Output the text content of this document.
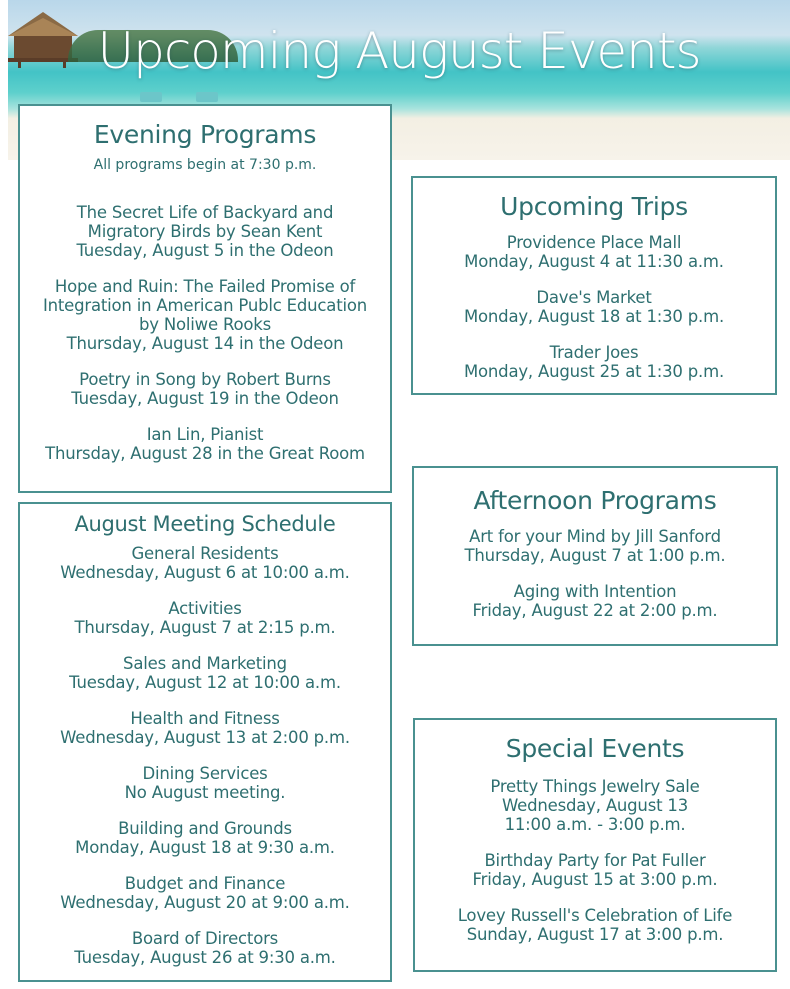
Upcoming August Events
Evening Programs
All programs begin at 7:30 p.m.
The Secret Life of Backyard and
Migratory Birds by Sean Kent
Tuesday, August 5 in the Odeon
Hope and Ruin: The Failed Promise of
Integration in American Publc Education
by Noliwe Rooks
Thursday, August 14 in the Odeon
Poetry in Song by Robert Burns
Tuesday, August 19 in the Odeon
Ian Lin, Pianist
Thursday, August 28 in the Great Room
Upcoming Trips
Providence Place Mall
Monday, August 4 at 11:30 a.m.
Dave's Market
Monday, August 18 at 1:30 p.m.
Trader Joes
Monday, August 25 at 1:30 p.m.
August Meeting Schedule
General Residents
Wednesday, August 6 at 10:00 a.m.
Activities
Thursday, August 7 at 2:15 p.m.
Sales and Marketing
Tuesday, August 12 at 10:00 a.m.
Health and Fitness
Wednesday, August 13 at 2:00 p.m.
Dining Services
No August meeting.
Building and Grounds
Monday, August 18 at 9:30 a.m.
Budget and Finance
Wednesday, August 20 at 9:00 a.m.
Board of Directors
Tuesday, August 26 at 9:30 a.m.
Afternoon Programs
Art for your Mind by Jill Sanford
Thursday, August 7 at 1:00 p.m.
Aging with Intention
Friday, August 22 at 2:00 p.m.
Special Events
Pretty Things Jewelry Sale
Wednesday, August 13
11:00 a.m. - 3:00 p.m.
Birthday Party for Pat Fuller
Friday, August 15 at 3:00 p.m.
Lovey Russell's Celebration of Life
Sunday, August 17 at 3:00 p.m.
